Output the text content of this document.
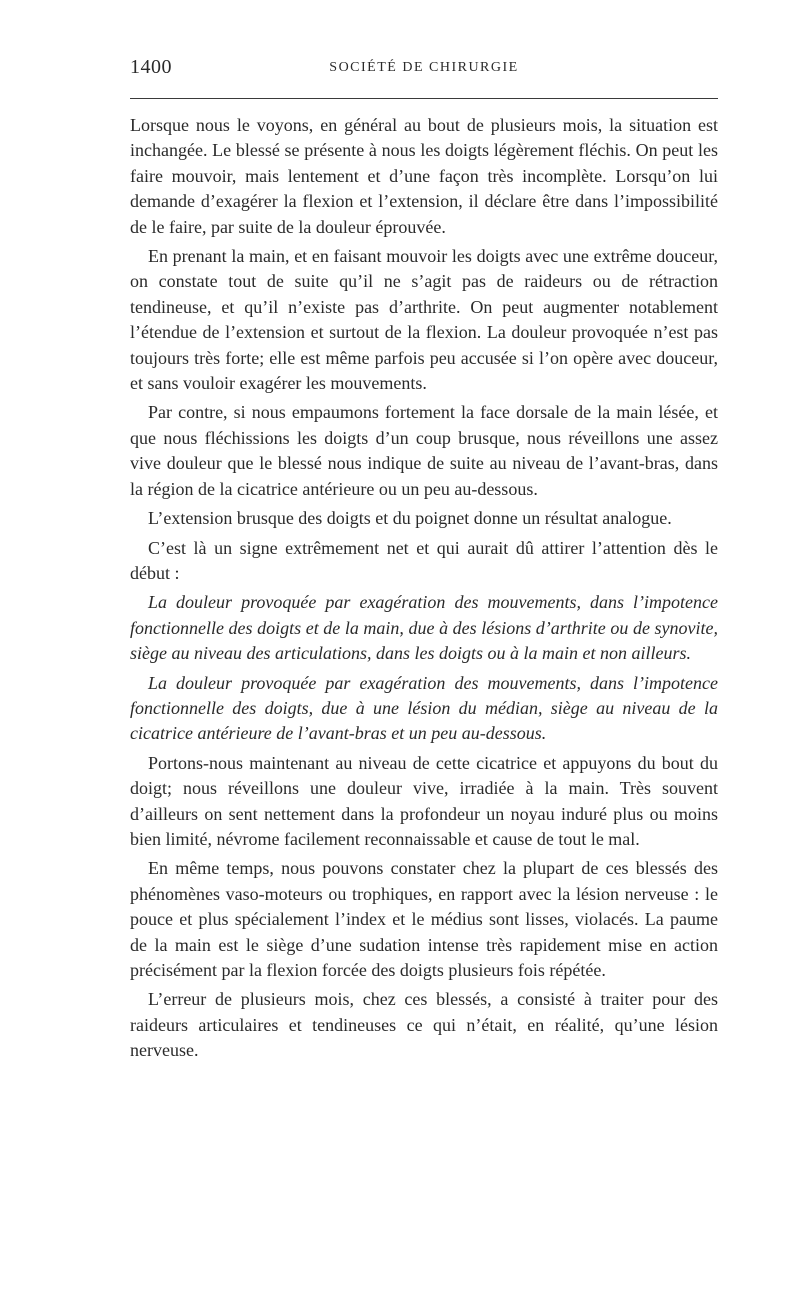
1400	SOCIÉTÉ DE CHIRURGIE

Lorsque nous le voyons, en général au bout de plusieurs mois, la situation est inchangée. Le blessé se présente à nous les doigts légèrement fléchis. On peut les faire mouvoir, mais lentement et d’une façon très incomplète. Lorsqu’on lui demande d’exagérer la flexion et l’extension, il déclare être dans l’impossibilité de le faire, par suite de la douleur éprouvée.

En prenant la main, et en faisant mouvoir les doigts avec une extrême douceur, on constate tout de suite qu’il ne s’agit pas de raideurs ou de rétraction tendineuse, et qu’il n’existe pas d’arthrite. On peut augmenter notablement l’étendue de l’extension et surtout de la flexion. La douleur provoquée n’est pas toujours très forte; elle est même parfois peu accusée si l’on opère avec douceur, et sans vouloir exagérer les mouvements.

Par contre, si nous empaumons fortement la face dorsale de la main lésée, et que nous fléchissions les doigts d’un coup brusque, nous réveillons une assez vive douleur que le blessé nous indique de suite au niveau de l’avant-bras, dans la région de la cicatrice antérieure ou un peu au-dessous.

L’extension brusque des doigts et du poignet donne un résultat analogue.

C’est là un signe extrêmement net et qui aurait dû attirer l’attention dès le début :

La douleur provoquée par exagération des mouvements, dans l’impotence fonctionnelle des doigts et de la main, due à des lésions d’arthrite ou de synovite, siège au niveau des articulations, dans les doigts ou à la main et non ailleurs.

La douleur provoquée par exagération des mouvements, dans l’impotence fonctionnelle des doigts, due à une lésion du médian, siège au niveau de la cicatrice antérieure de l’avant-bras et un peu au-dessous.

Portons-nous maintenant au niveau de cette cicatrice et appuyons du bout du doigt; nous réveillons une douleur vive, irradiée à la main. Très souvent d’ailleurs on sent nettement dans la profondeur un noyau induré plus ou moins bien limité, névrome facilement reconnaissable et cause de tout le mal.

En même temps, nous pouvons constater chez la plupart de ces blessés des phénomènes vaso-moteurs ou trophiques, en rapport avec la lésion nerveuse : le pouce et plus spécialement l’index et le médius sont lisses, violacés. La paume de la main est le siège d’une sudation intense très rapidement mise en action précisément par la flexion forcée des doigts plusieurs fois répétée.

L’erreur de plusieurs mois, chez ces blessés, a consisté à traiter pour des raideurs articulaires et tendineuses ce qui n’était, en réalité, qu’une lésion nerveuse.
